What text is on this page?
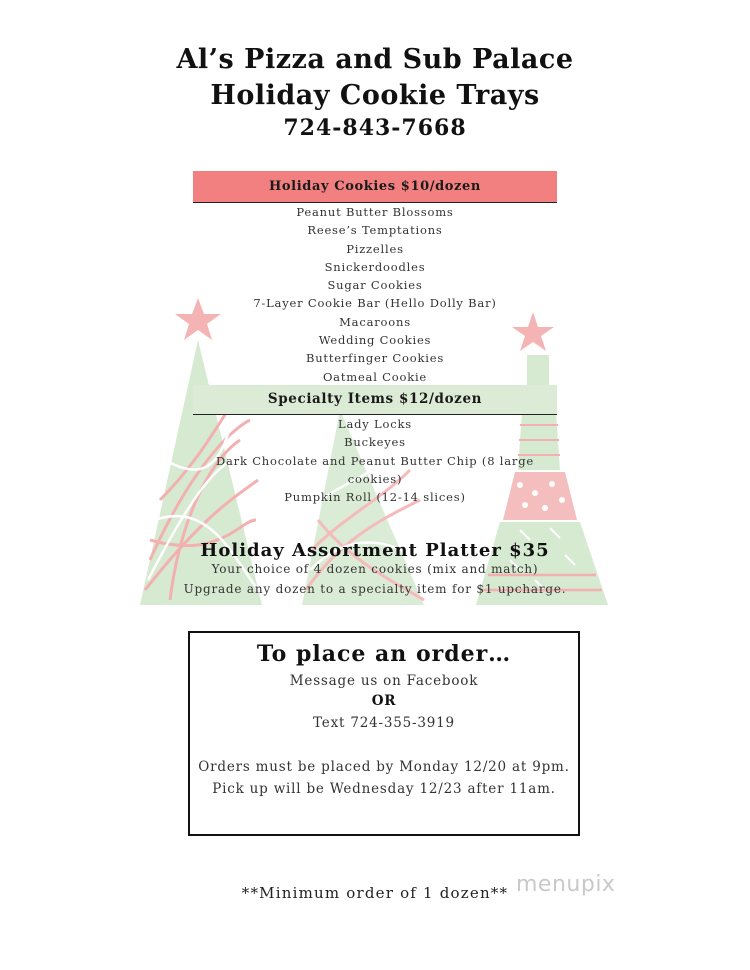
Al’s Pizza and Sub Palace
Holiday Cookie Trays
724-843-7668
Holiday Cookies $10/dozen
Peanut Butter Blossoms
Reese’s Temptations
Pizzelles
Snickerdoodles
Sugar Cookies
7-Layer Cookie Bar (Hello Dolly Bar)
Macaroons
Wedding Cookies
Butterfinger Cookies
Oatmeal Cookie
Specialty Items $12/dozen
Lady Locks
Buckeyes
Dark Chocolate and Peanut Butter Chip (8 large cookies)
Pumpkin Roll (12-14 slices)
Holiday Assortment Platter $35
Your choice of 4 dozen cookies (mix and match)
Upgrade any dozen to a specialty item for $1 upcharge.
To place an order…
Message us on Facebook
OR
Text 724-355-3919
Orders must be placed by Monday 12/20 at 9pm.
Pick up will be Wednesday 12/23 after 11am.
**Minimum order of 1 dozen** menupix
